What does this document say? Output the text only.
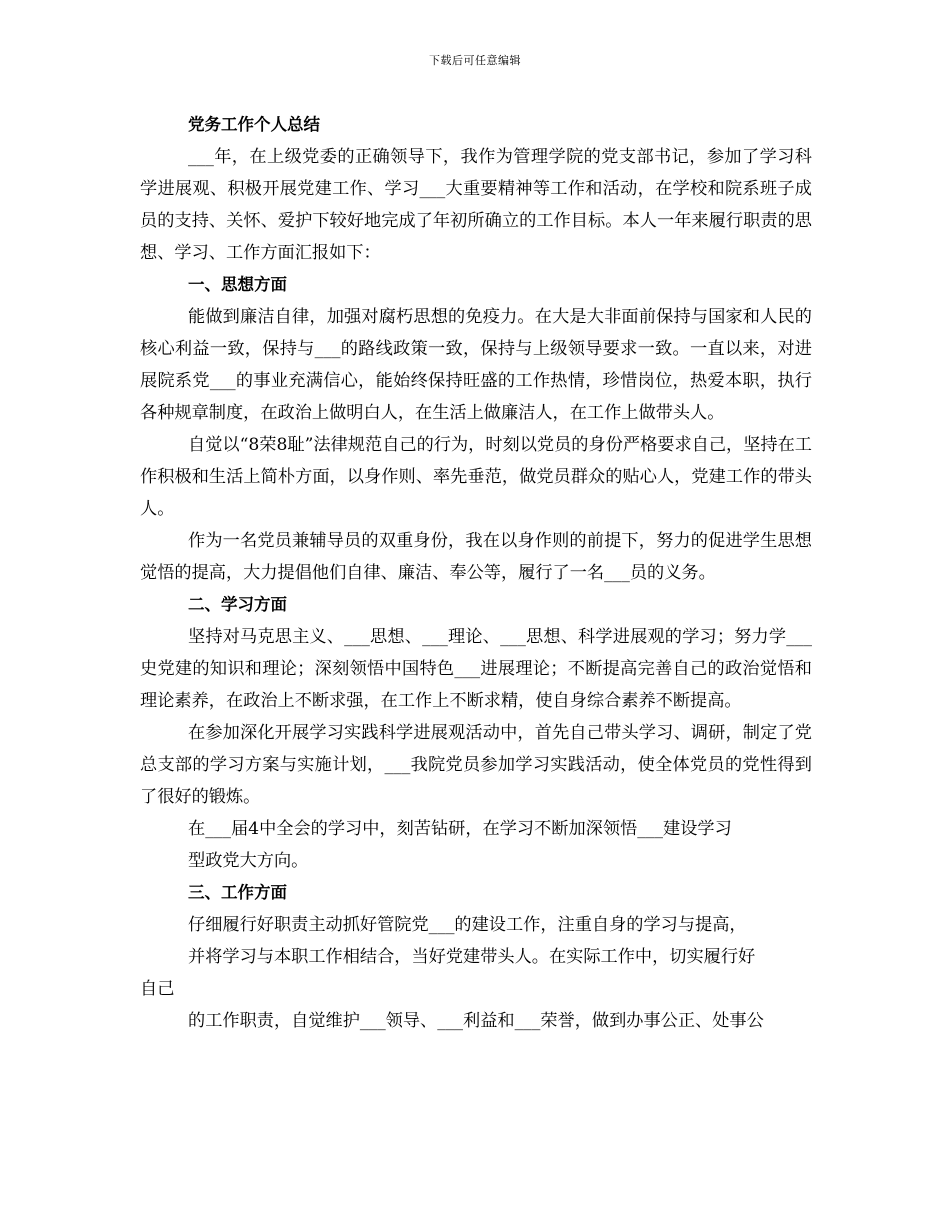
下载后可任意编辑

党务工作个人总结

___年，在上级党委的正确领导下，我作为管理学院的党支部书记，参加了学习科学进展观、积极开展党建工作、学习___大重要精神等工作和活动，在学校和院系班子成员的支持、关怀、爱护下较好地完成了年初所确立的工作目标。本人一年来履行职责的思想、学习、工作方面汇报如下：

一、思想方面

能做到廉洁自律，加强对腐朽思想的免疫力。在大是大非面前保持与国家和人民的核心利益一致，保持与___的路线政策一致，保持与上级领导要求一致。一直以来，对进展院系党___的事业充满信心，能始终保持旺盛的工作热情，珍惜岗位，热爱本职，执行各种规章制度，在政治上做明白人，在生活上做廉洁人，在工作上做带头人。

自觉以“8荣8耻”法律规范自己的行为，时刻以党员的身份严格要求自己，坚持在工作积极和生活上简朴方面，以身作则、率先垂范，做党员群众的贴心人，党建工作的带头人。

作为一名党员兼辅导员的双重身份，我在以身作则的前提下，努力的促进学生思想觉悟的提高，大力提倡他们自律、廉洁、奉公等，履行了一名___员的义务。

二、学习方面

坚持对马克思主义、___思想、___理论、___思想、科学进展观的学习；努力学___史党建的知识和理论；深刻领悟中国特色___进展理论；不断提高完善自己的政治觉悟和理论素养，在政治上不断求强，在工作上不断求精，使自身综合素养不断提高。

在参加深化开展学习实践科学进展观活动中，首先自己带头学习、调研，制定了党总支部的学习方案与实施计划，___我院党员参加学习实践活动，使全体党员的党性得到了很好的锻炼。

在___届4中全会的学习中，刻苦钻研，在学习不断加深领悟___建设学习

型政党大方向。

三、工作方面

仔细履行好职责主动抓好管院党___的建设工作，注重自身的学习与提高，

并将学习与本职工作相结合，当好党建带头人。在实际工作中，切实履行好

自己

的工作职责，自觉维护___领导、___利益和___荣誉，做到办事公正、处事公
